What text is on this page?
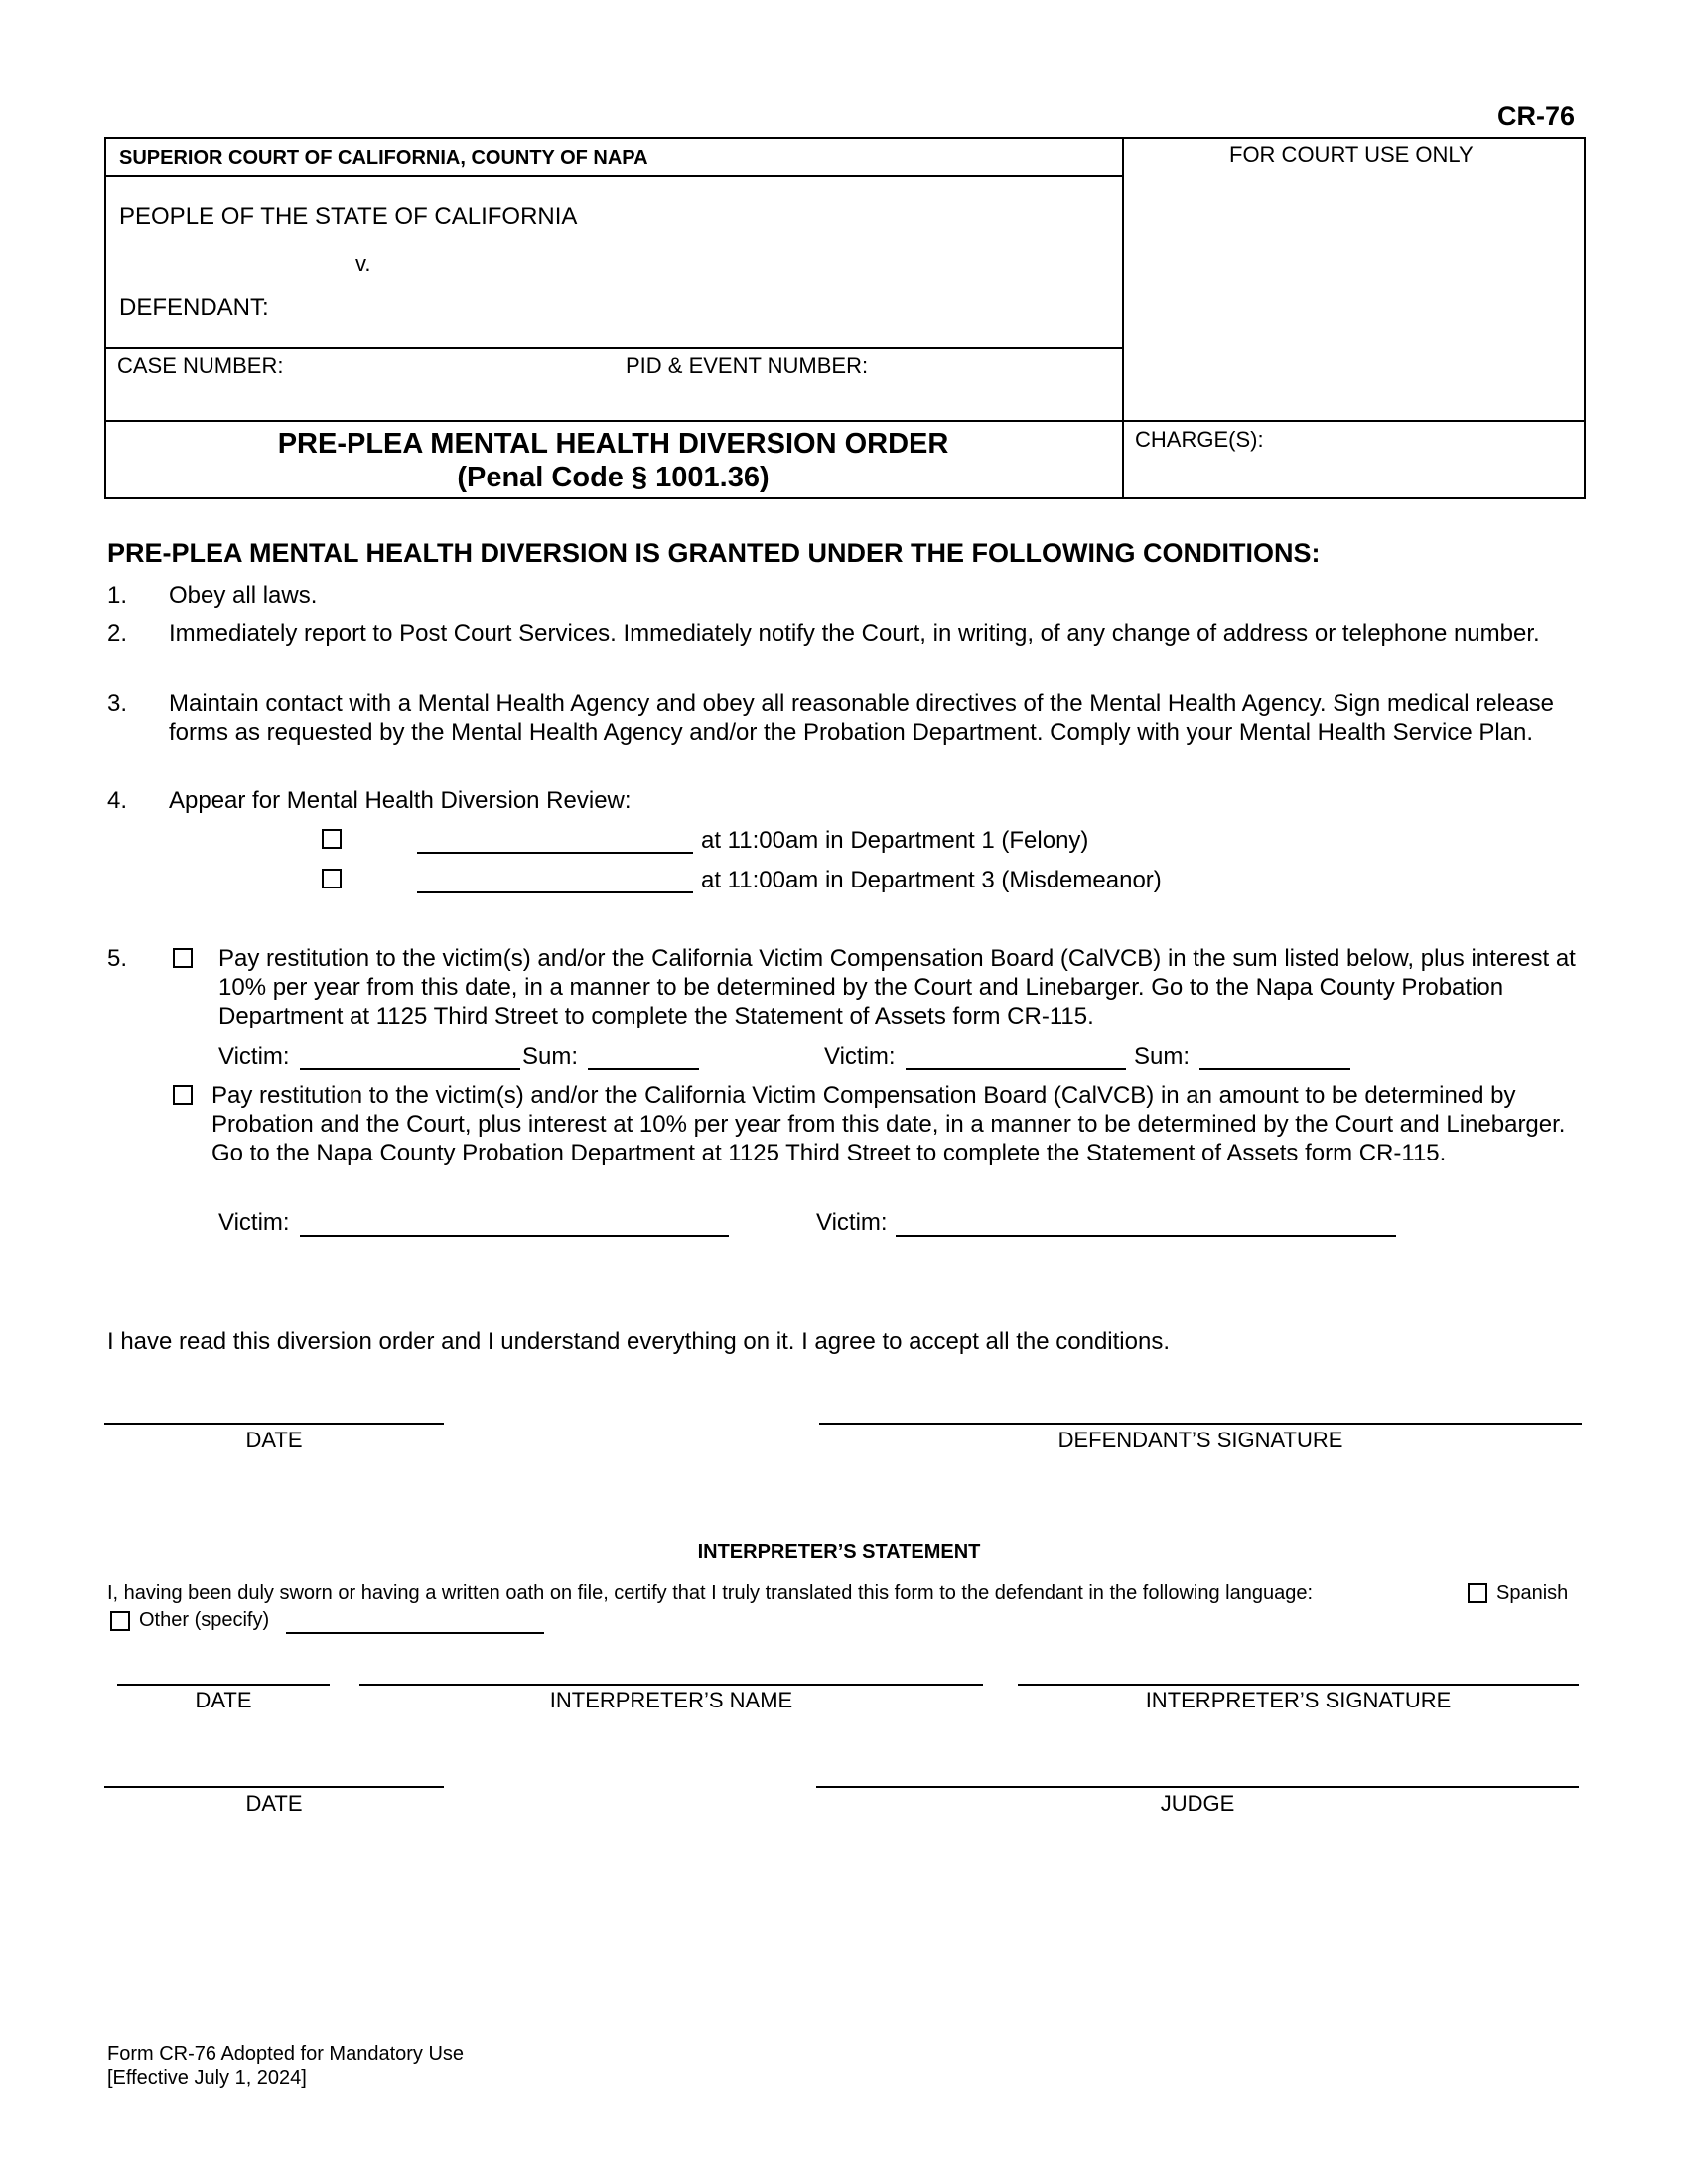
CR-76
SUPERIOR COURT OF CALIFORNIA, COUNTY OF NAPA	FOR COURT USE ONLY
PEOPLE OF THE STATE OF CALIFORNIA
v.
DEFENDANT:
CASE NUMBER:	PID & EVENT NUMBER:
PRE-PLEA MENTAL HEALTH DIVERSION ORDER
(Penal Code § 1001.36)
CHARGE(S):
PRE-PLEA MENTAL HEALTH DIVERSION IS GRANTED UNDER THE FOLLOWING CONDITIONS:
1. Obey all laws.
2. Immediately report to Post Court Services. Immediately notify the Court, in writing, of any change of address or telephone number.
3. Maintain contact with a Mental Health Agency and obey all reasonable directives of the Mental Health Agency. Sign medical release forms as requested by the Mental Health Agency and/or the Probation Department. Comply with your Mental Health Service Plan.
4. Appear for Mental Health Diversion Review:
at 11:00am in Department 1 (Felony)
at 11:00am in Department 3 (Misdemeanor)
5.	Pay restitution to the victim(s) and/or the California Victim Compensation Board (CalVCB) in the sum listed below, plus interest at 10% per year from this date, in a manner to be determined by the Court and Linebarger. Go to the Napa County Probation Department at 1125 Third Street to complete the Statement of Assets form CR-115.
Victim:	Sum:	Victim:	Sum:
Pay restitution to the victim(s) and/or the California Victim Compensation Board (CalVCB) in an amount to be determined by Probation and the Court, plus interest at 10% per year from this date, in a manner to be determined by the Court and Linebarger. Go to the Napa County Probation Department at 1125 Third Street to complete the Statement of Assets form CR-115.
Victim:	Victim:
I have read this diversion order and I understand everything on it. I agree to accept all the conditions.
DATE	DEFENDANT’S SIGNATURE
INTERPRETER’S STATEMENT
I, having been duly sworn or having a written oath on file, certify that I truly translated this form to the defendant in the following language:	Spanish
Other (specify)
DATE	INTERPRETER’S NAME	INTERPRETER’S SIGNATURE
DATE	JUDGE
Form CR-76 Adopted for Mandatory Use
[Effective July 1, 2024]
